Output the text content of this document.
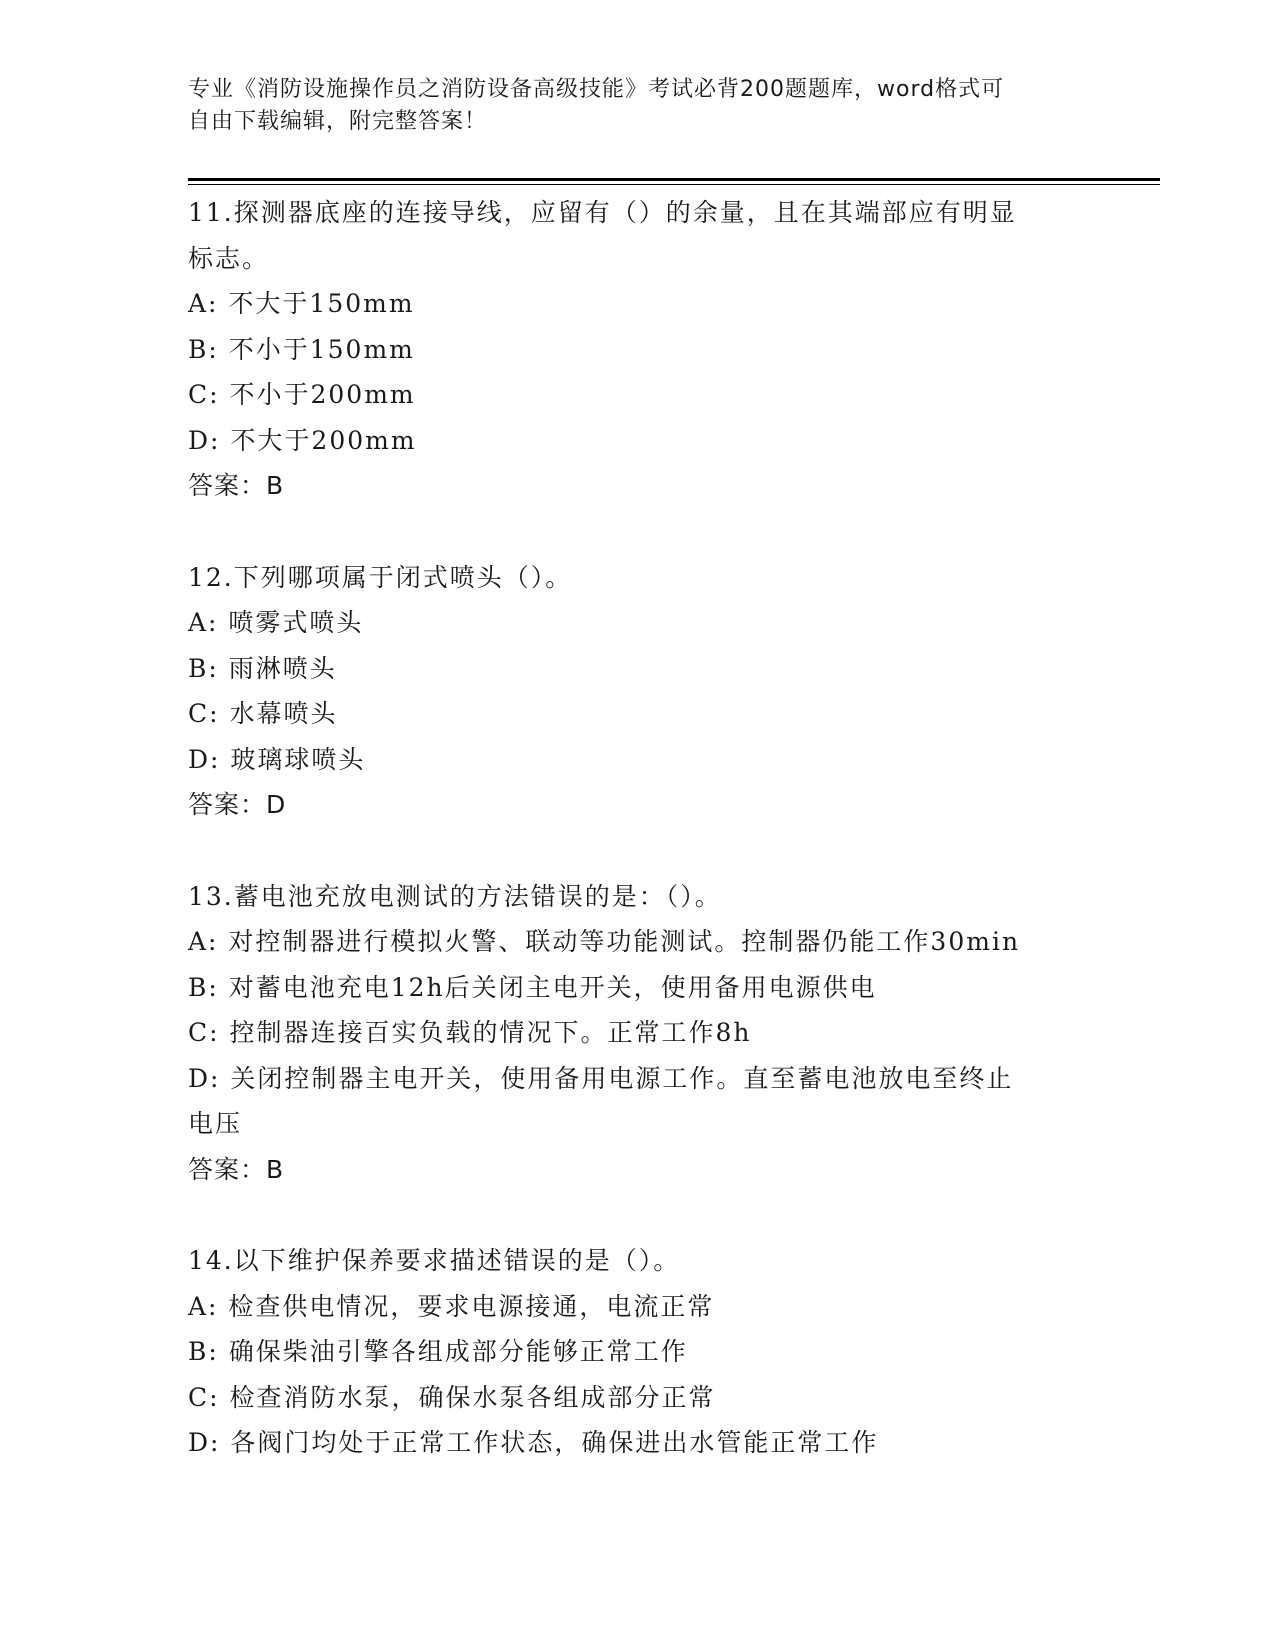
专业《消防设施操作员之消防设备高级技能》考试必背200题题库，word格式可
自由下载编辑，附完整答案！
11.探测器底座的连接导线，应留有（）的余量，且在其端部应有明显
标志。
A: 不大于150mm
B: 不小于150mm
C: 不小于200mm
D: 不大于200mm
答案：B
12.下列哪项属于闭式喷头（）。
A: 喷雾式喷头
B: 雨淋喷头
C: 水幕喷头
D: 玻璃球喷头
答案：D
13.蓄电池充放电测试的方法错误的是：（）。
A: 对控制器进行模拟火警、联动等功能测试。控制器仍能工作30min
B: 对蓄电池充电12h后关闭主电开关，使用备用电源供电
C: 控制器连接百实负载的情况下。正常工作8h
D: 关闭控制器主电开关，使用备用电源工作。直至蓄电池放电至终止
电压
答案：B
14.以下维护保养要求描述错误的是（）。
A: 检查供电情况，要求电源接通，电流正常
B: 确保柴油引擎各组成部分能够正常工作
C: 检查消防水泵，确保水泵各组成部分正常
D: 各阀门均处于正常工作状态，确保进出水管能正常工作
